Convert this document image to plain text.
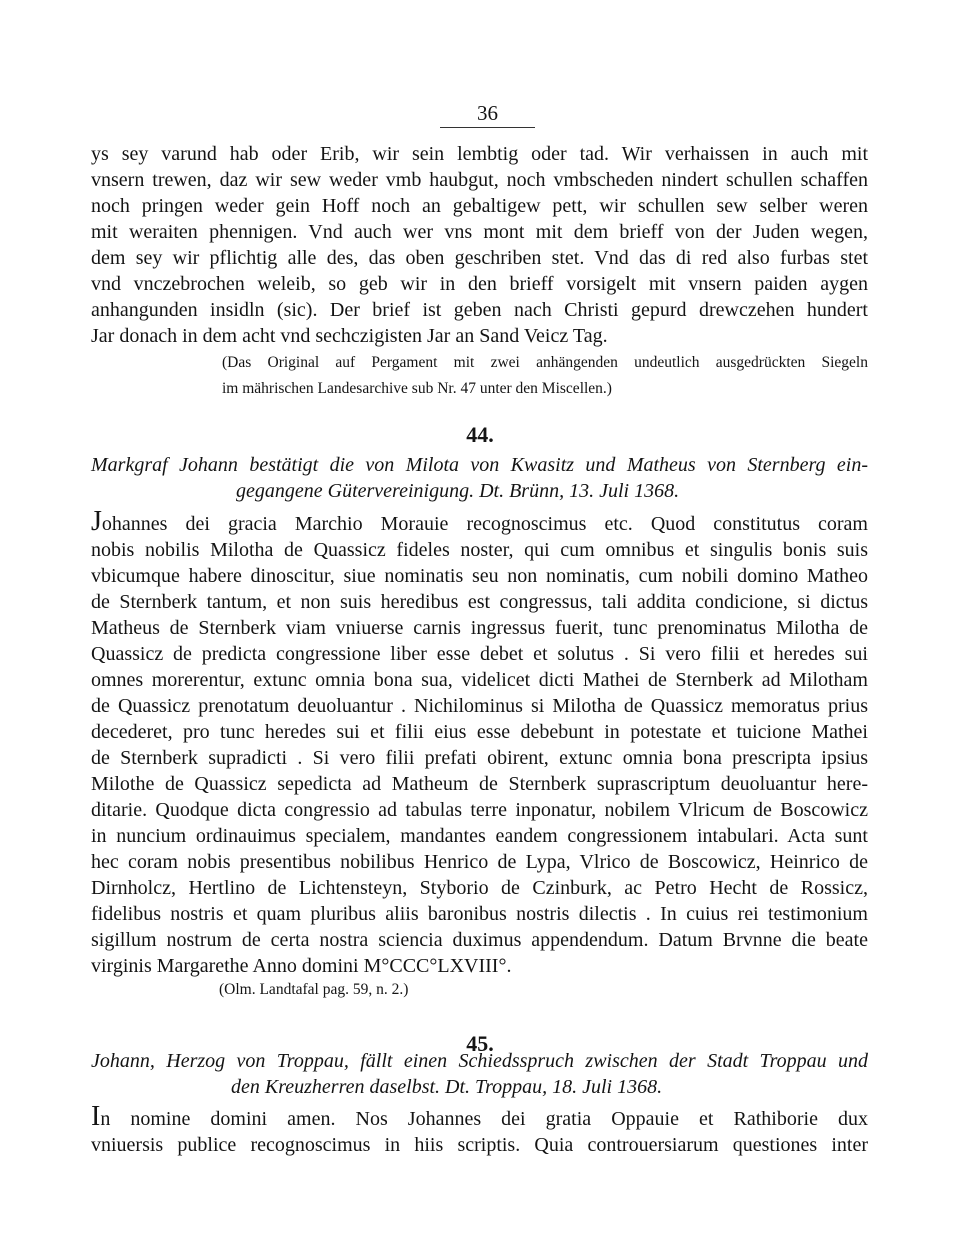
36
ys sey varund hab oder Erib, wir sein lembtig oder tad. Wir verhaissen in auch mit
vnsern trewen, daz wir sew weder vmb haubgut, noch vmbscheden nindert schullen schaffen
noch pringen weder gein Hoff noch an gebaltigew pett, wir schullen sew selber weren
mit weraiten phennigen. Vnd auch wer vns mont mit dem brieff von der Juden wegen,
dem sey wir pflichtig alle des, das oben geschriben stet. Vnd das di red also furbas stet
vnd vnczebrochen weleib, so geb wir in den brieff vorsigelt mit vnsern paiden aygen
anhangunden insidln (sic). Der brief ist geben nach Christi gepurd drewczehen hundert
Jar donach in dem acht vnd sechczigisten Jar an Sand Veicz Tag.
(Das Original auf Pergament mit zwei anhängenden undeutlich ausgedrückten Siegeln
im mährischen Landesarchive sub Nr. 47 unter den Miscellen.)
44.
Markgraf Johann bestätigt die von Milota von Kwasitz und Matheus von Sternberg ein-
gegangene Gütervereinigung. Dt. Brünn, 13. Juli 1368.
Johannes dei gracia Marchio Morauie recognoscimus etc. Quod constitutus coram
nobis nobilis Milotha de Quassicz fideles noster, qui cum omnibus et singulis bonis suis
vbicumque habere dinoscitur, siue nominatis seu non nominatis, cum nobili domino Matheo
de Sternberk tantum, et non suis heredibus est congressus, tali addita condicione, si dictus
Matheus de Sternberk viam vniuerse carnis ingressus fuerit, tunc prenominatus Milotha de
Quassicz de predicta congressione liber esse debet et solutus . Si vero filii et heredes sui
omnes morerentur, extunc omnia bona sua, videlicet dicti Mathei de Sternberk ad Milotham
de Quassicz prenotatum deuoluantur . Nichilominus si Milotha de Quassicz memoratus prius
decederet, pro tunc heredes sui et filii eius esse debebunt in potestate et tuicione Mathei
de Sternberk supradicti . Si vero filii prefati obirent, extunc omnia bona prescripta ipsius
Milothe de Quassicz sepedicta ad Matheum de Sternberk suprascriptum deuoluantur here-
ditarie. Quodque dicta congressio ad tabulas terre inponatur, nobilem Vlricum de Boscowicz
in nuncium ordinauimus specialem, mandantes eandem congressionem intabulari. Acta sunt
hec coram nobis presentibus nobilibus Henrico de Lypa, Vlrico de Boscowicz, Heinrico de
Dirnholcz, Hertlino de Lichtensteyn, Styborio de Czinburk, ac Petro Hecht de Rossicz,
fidelibus nostris et quam pluribus aliis baronibus nostris dilectis . In cuius rei testimonium
sigillum nostrum de certa nostra sciencia duximus appendendum. Datum Brvnne die beate
virginis Margarethe Anno domini M°CCC°LXVIII°.
(Olm. Landtafal pag. 59, n. 2.)
45.
Johann, Herzog von Troppau, fällt einen Schiedsspruch zwischen der Stadt Troppau und
den Kreuzherren daselbst. Dt. Troppau, 18. Juli 1368.
In nomine domini amen. Nos Johannes dei gratia Oppauie et Rathiborie dux
vniuersis publice recognoscimus in hiis scriptis. Quia controuersiarum questiones inter
